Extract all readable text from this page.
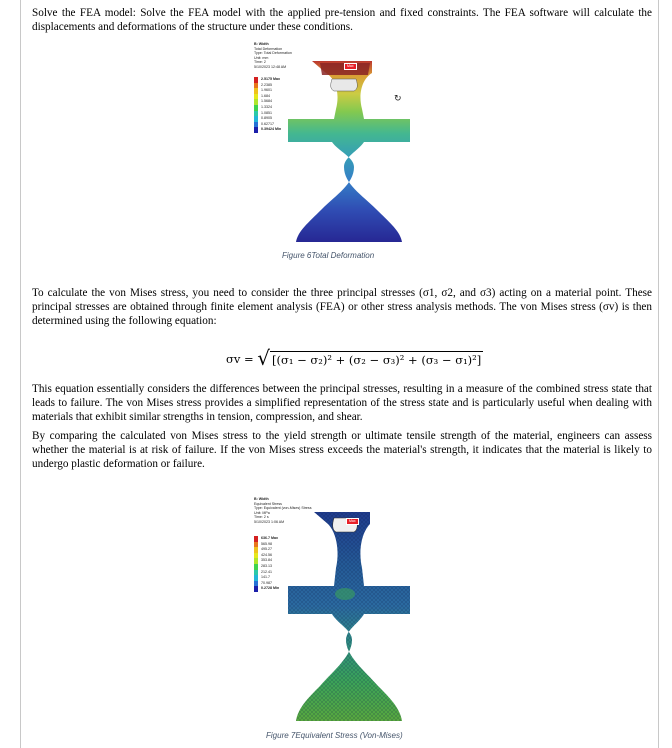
Solve the FEA model: Solve the FEA model with the applied pre-tension and fixed constraints. The FEA software will calculate the displacements and deformations of the structure under these conditions.

↻
B: Width
Total Deformation
Type: Total Deformation
Unit: mm
Time: 2
5/10/2023 12:48 AM
2.5175 Max
2.2385
1.9601
1.684
1.5684
1.3324
1.0851
0.8905
0.62717
0.39424 Min
Max
Figure 6Total Deformation

To calculate the von Mises stress, you need to consider the three principal stresses (σ1, σ2, and σ3) acting on a material point. These principal stresses are obtained through finite element analysis (FEA) or other stress analysis methods. The von Mises stress (σv) is then determined using the following equation:

σv = √ [(σ₁ − σ₂)² + (σ₂ − σ₃)² + (σ₃ − σ₁)²]

This equation essentially considers the differences between the principal stresses, resulting in a measure of the combined stress state that leads to failure. The von Mises stress provides a simplified representation of the stress state and is particularly useful when dealing with materials that exhibit similar strengths in tension, compression, and shear.

By comparing the calculated von Mises stress to the yield strength or ultimate tensile strength of the material, engineers can assess whether the material is at risk of failure. If the von Mises stress exceeds the material's strength, it indicates that the material is likely to undergo plastic deformation or failure.

B: Width
Equivalent Stress
Type: Equivalent (von-Mises) Stress
Unit: MPa
Time: 2 s
5/10/2023 1:06 AM
636.7 Max
565.98
495.27
424.56
353.84
283.13
212.41
141.7
70.987
0.2728 Min
Max
Figure 7Equivalent Stress (Von-Mises)
